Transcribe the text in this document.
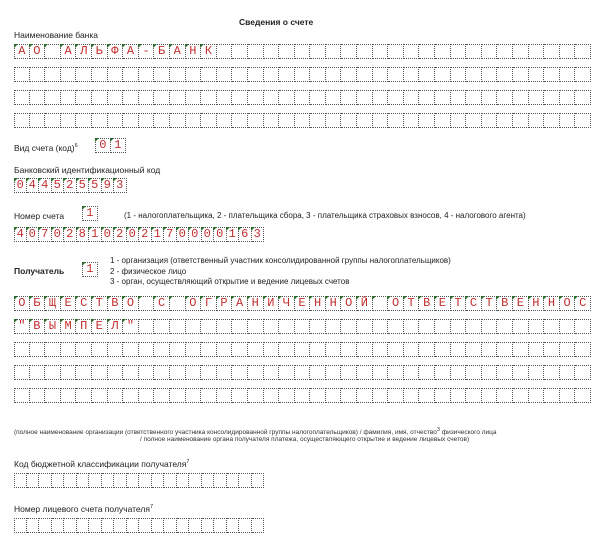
Сведения о счете
Наименование банка
А О	А Л Ь Ф А - Б А Н К
Вид счета (код)$^6$	0 1
Банковский идентификационный код
0 4 4 5 2 5 5 9 3
Номер счета	1	(1 - налогоплательщика, 2 - плательщика сбора, 3 - плательщика страховых взносов, 4 - налогового агента)
4 0 7 0 2 8 1 0 2 0 2 1 7 0 0 0 0 1 6 3
Получатель	1
1 - организация (ответственный участник консолидированной группы налогоплательщиков)
2 - физическое лицо
3 - орган, осуществляющий открытие и ведение лицевых счетов
О Б Щ Е С Т В О	С	О Г Р А Н И Ч Е Н Н О Й	О Т В Е Т С Т В Е Н Н О С
" В Ы М П Е Л "
(полное наименование организации (ответственного участника консолидированной группы налогоплательщиков) / фамилия, имя, отчество$^3$ физического лица
/ полное наименование органа получателя платежа, осуществляющего открытие и ведение лицевых счетов)
Код бюджетной классификации получателя$^7$
Номер лицевого счета получателя$^7$
